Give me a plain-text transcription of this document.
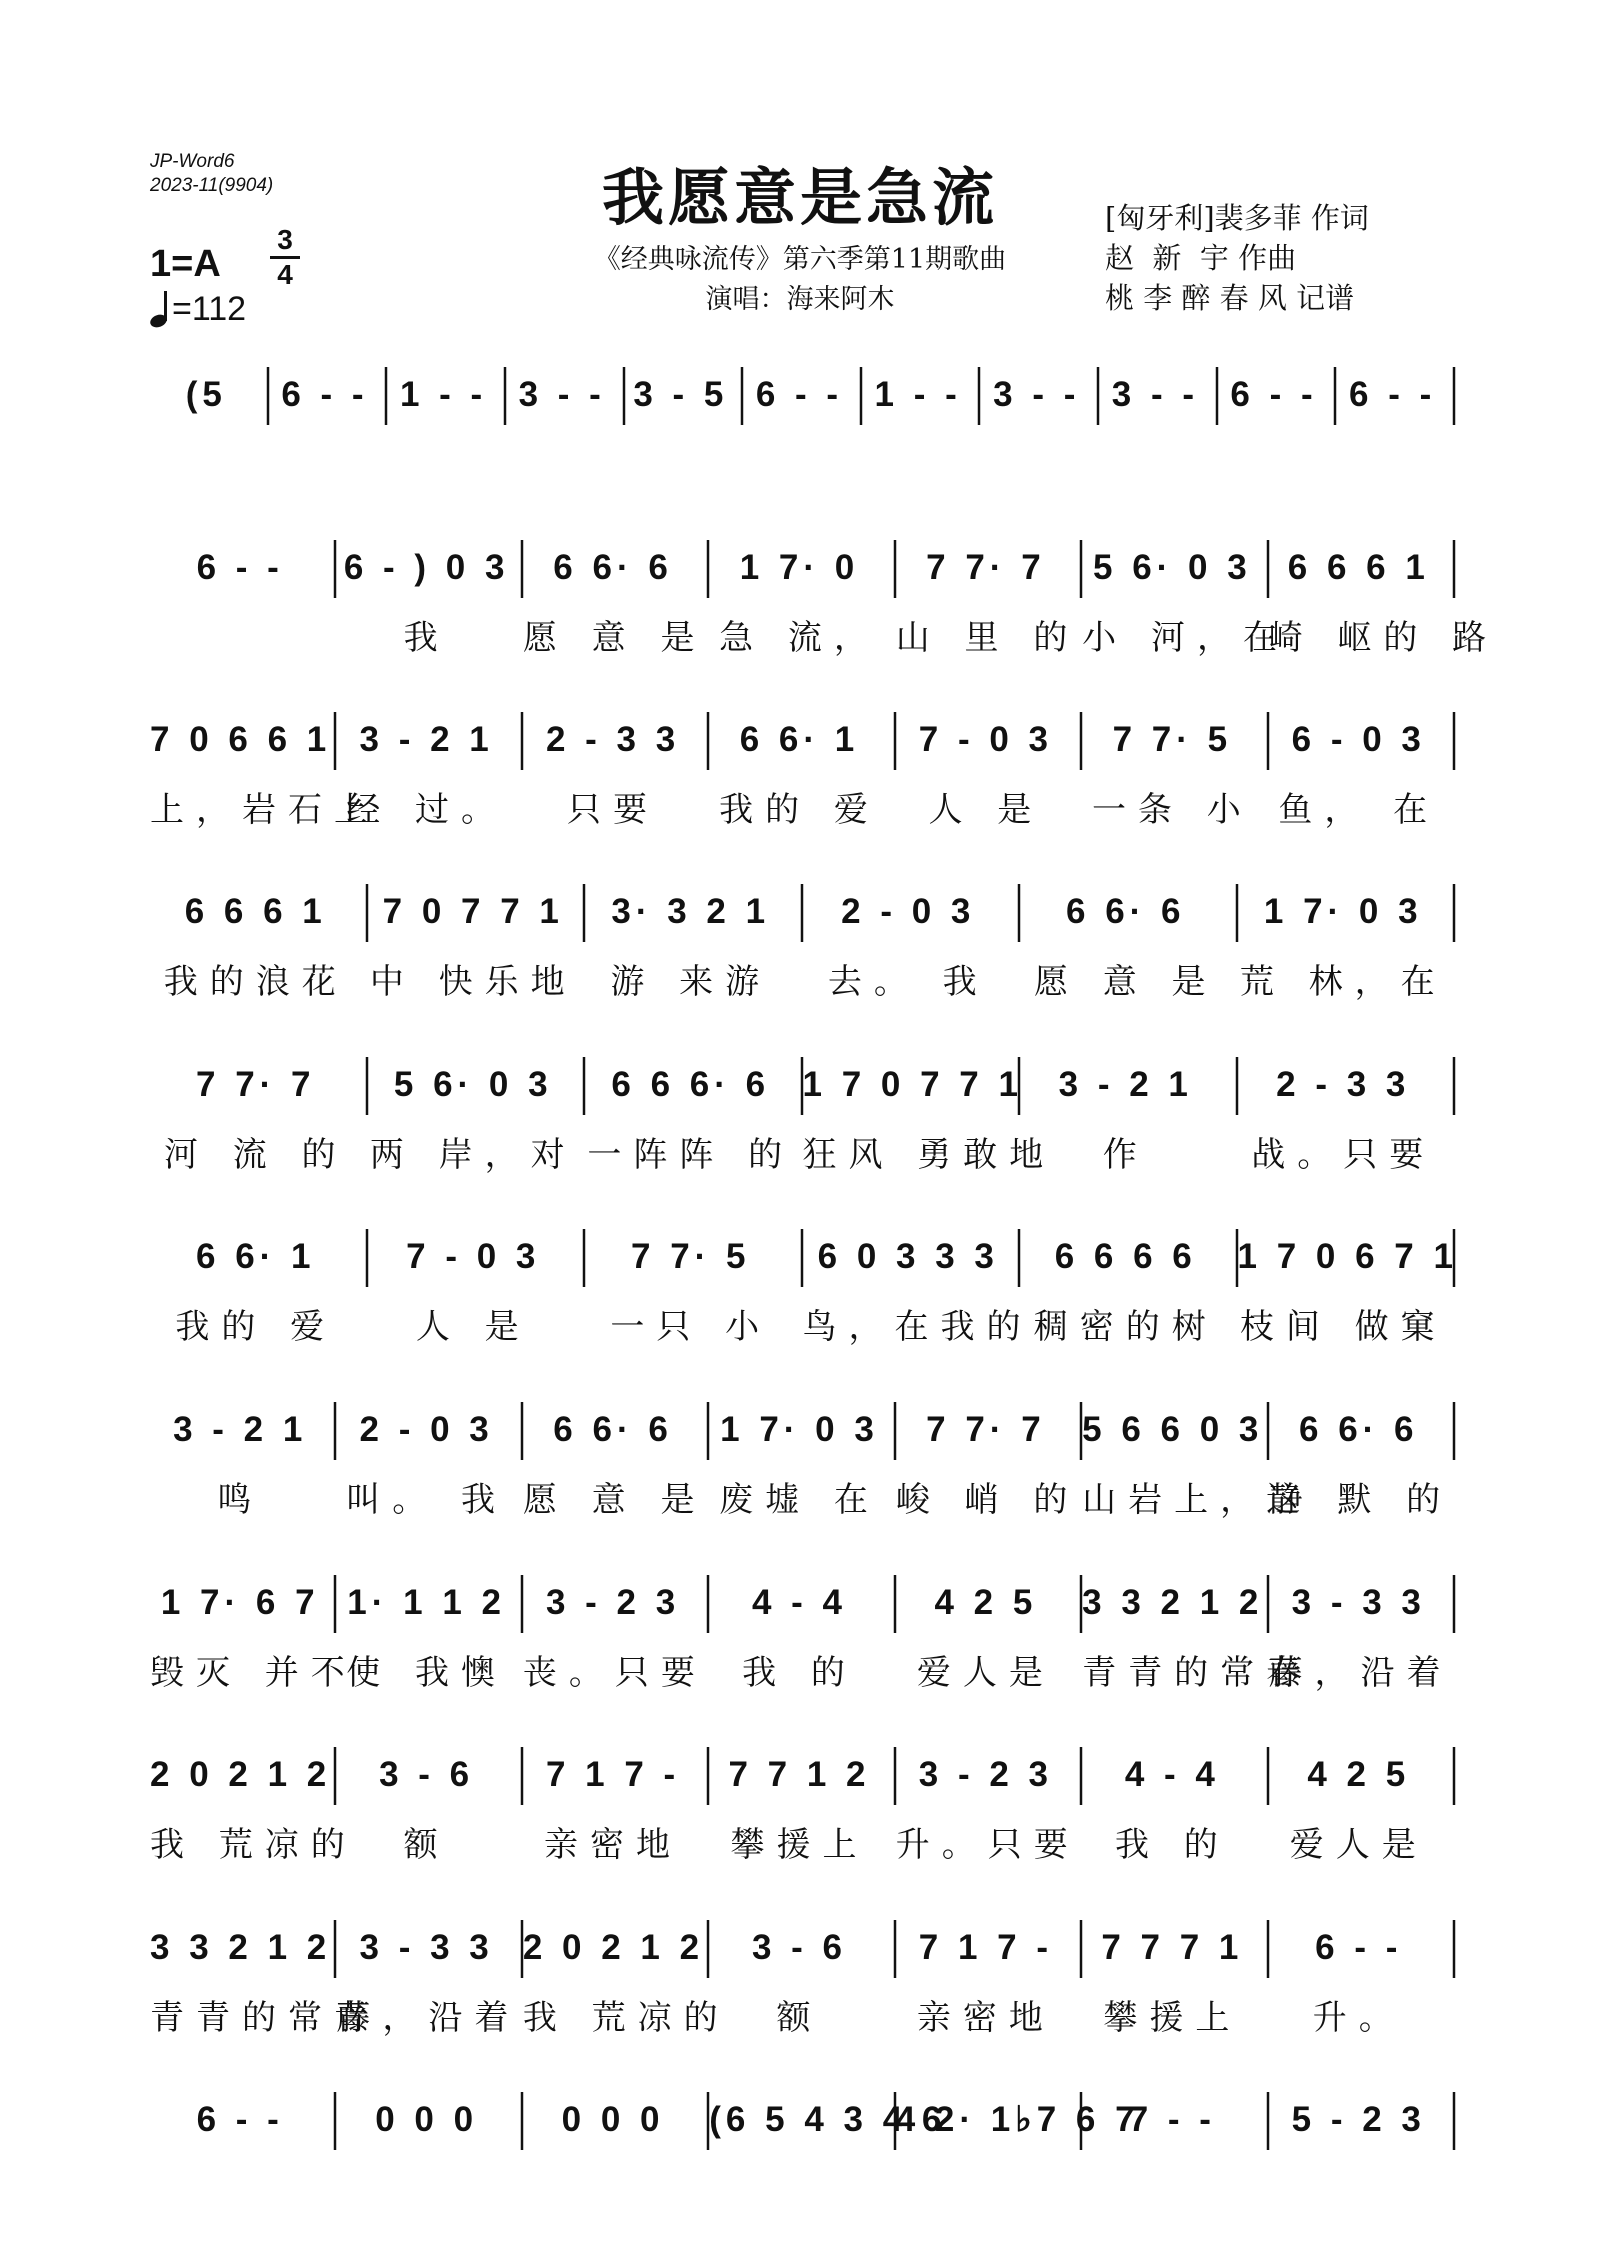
JP-Word6
2023-11(9904)	我愿意是急流
《经典咏流传》第六季第11期歌曲
演唱：海来阿木
[匈牙利]裴多菲 作词
赵  新  宇 作曲
桃 李 醉 春 风 记谱
1=A
3
4
=112
(5	6 - - 1 - - 3 - - 3 - 5 6 - - 1 - - 3 - - 3 - - 6 - - 6 - -
6 - -	6 - ) 0 3
我
6 6· 6
愿 意 是
1 7· 0
急 流，
7 7· 7
山 里 的
5 6· 0 3
小 河，在
6 6 6 1
崎 岖的 路
7 0 6 6 1
上，岩石上
3 - 2 1
经 过。
2 - 3 3
只要
6 6· 1
我的 爱
7 - 0 3
人 是
7 7· 5
一条 小
6 - 0 3
鱼， 在
6 6 6 1
我的浪花
7 0 7 7 1
中 快乐地
3· 3 2 1
游 来游
2 - 0 3
去。 我
6 6· 6
愿 意 是
1 7· 0 3
荒 林，在
7 7· 7
河 流 的
5 6· 0 3
两 岸，对
6 6 6· 6
一阵阵 的
1 7 0 7 7 1
狂风 勇敢地
3 - 2 1
作
2 - 3 3
战。只要
6 6· 1
我的 爱
7 - 0 3
人 是
7 7· 5
一只 小
6 0 3 3 3
鸟，在我的
6 6 6 6
稠密的树
1 7 0 6 7 1
枝间 做窠
3 - 2 1
鸣
2 - 0 3
叫。 我
6 6· 6
愿 意 是
1 7· 0 3
废墟 在
7 7· 7
峻 峭 的
5 6 6 0 3
山岩上，这
6 6· 6
静 默 的
1 7· 6 7
毁灭 并不
1· 1 1 2
使 我懊
3 - 2 3
丧。只要
4 - 4
我 的
4 2 5
爱人是
3 3 2 1 2
青青的常春
3 - 3 3
藤，沿着
2 0 2 1 2
我 荒凉的
3 - 6
额
7 1 7 -
亲密地
7 7 1 2
攀援上
3 - 2 3
升。只要
4 - 4
我 的
4 2 5
爱人是
3 3 2 1 2
青青的常青
3 - 3 3
藤，沿着
2 0 2 1 2
我 荒凉的
3 - 6
额
7 1 7 -
亲密地
7 7 7 1
攀援上
6 - -
升。
6 - -	0 0 0	0 0 0	(6 5 4 3 4 6
4 2· 1♭7 6 7
7 - -	5 - 2 3
